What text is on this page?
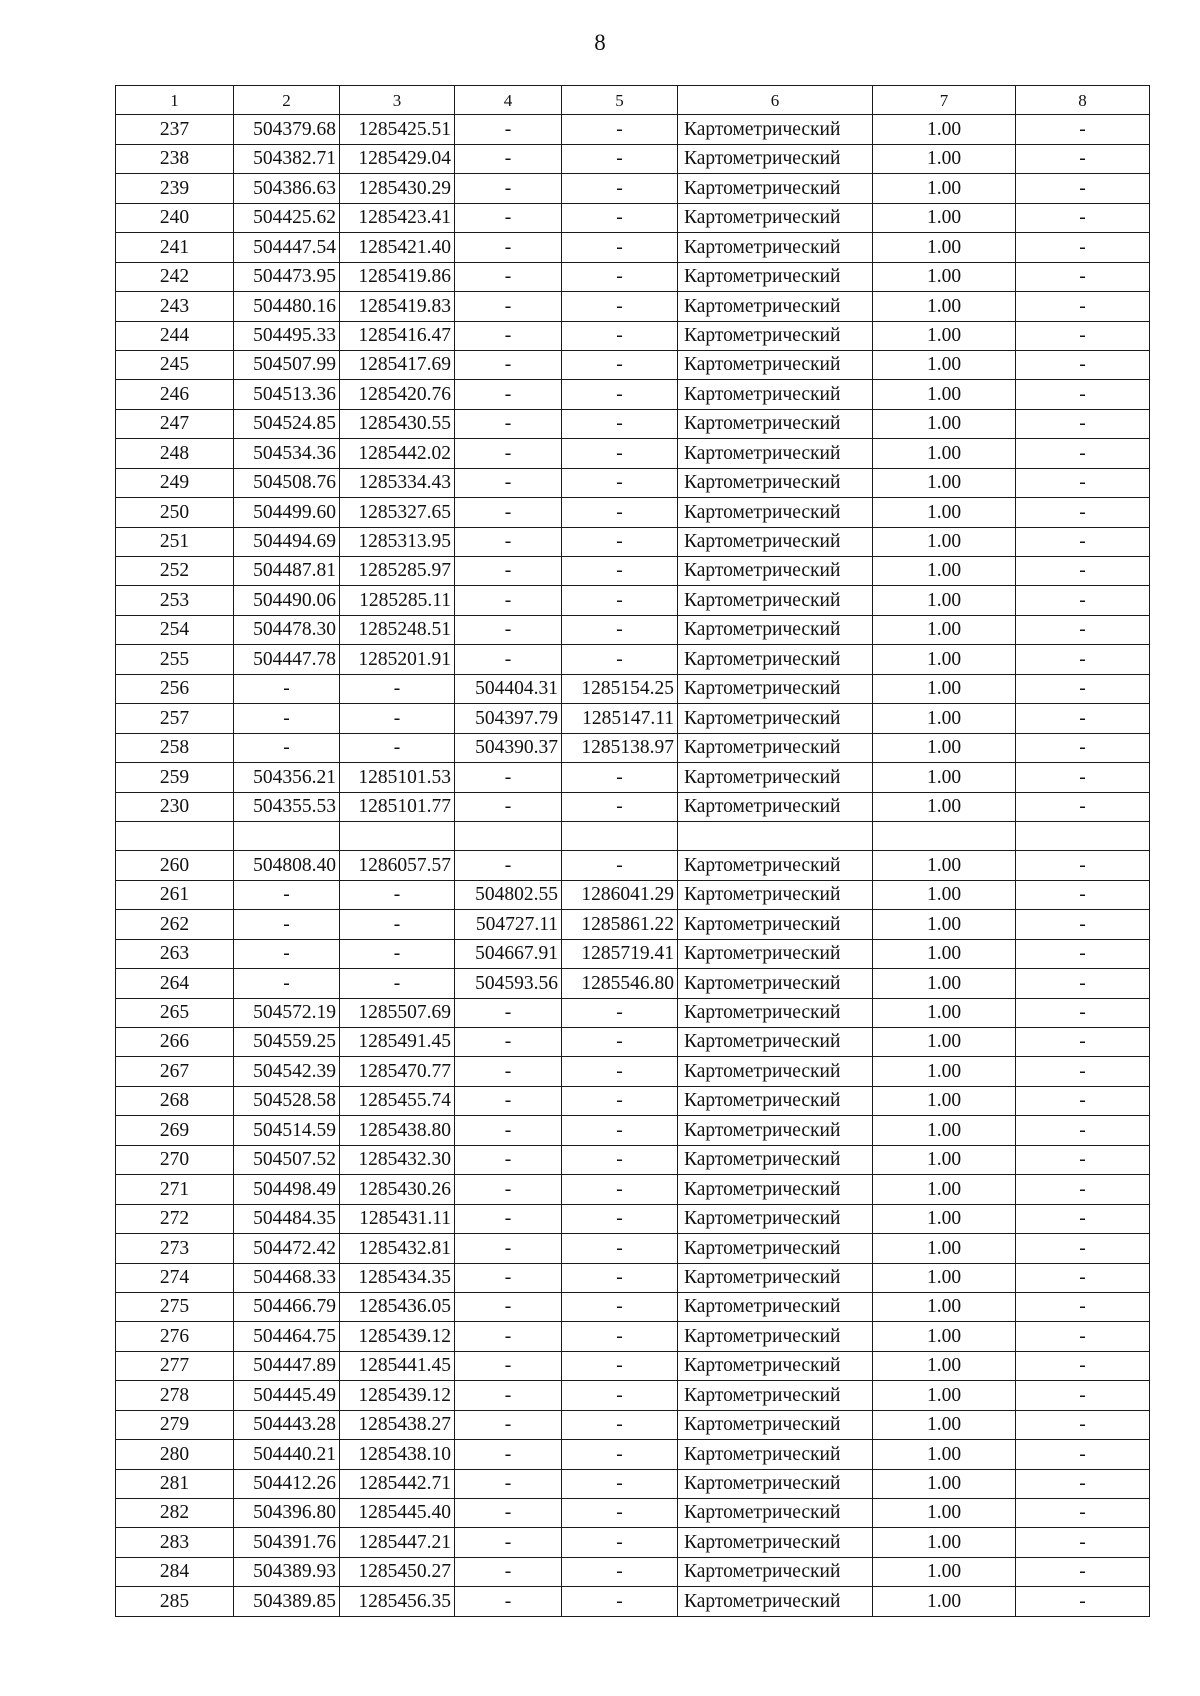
8
1	2	3	4	5	6	7	8
237	504379.68	1285425.51	-	-	Картометрический	1.00	-
238	504382.71	1285429.04	-	-	Картометрический	1.00	-
239	504386.63	1285430.29	-	-	Картометрический	1.00	-
240	504425.62	1285423.41	-	-	Картометрический	1.00	-
241	504447.54	1285421.40	-	-	Картометрический	1.00	-
242	504473.95	1285419.86	-	-	Картометрический	1.00	-
243	504480.16	1285419.83	-	-	Картометрический	1.00	-
244	504495.33	1285416.47	-	-	Картометрический	1.00	-
245	504507.99	1285417.69	-	-	Картометрический	1.00	-
246	504513.36	1285420.76	-	-	Картометрический	1.00	-
247	504524.85	1285430.55	-	-	Картометрический	1.00	-
248	504534.36	1285442.02	-	-	Картометрический	1.00	-
249	504508.76	1285334.43	-	-	Картометрический	1.00	-
250	504499.60	1285327.65	-	-	Картометрический	1.00	-
251	504494.69	1285313.95	-	-	Картометрический	1.00	-
252	504487.81	1285285.97	-	-	Картометрический	1.00	-
253	504490.06	1285285.11	-	-	Картометрический	1.00	-
254	504478.30	1285248.51	-	-	Картометрический	1.00	-
255	504447.78	1285201.91	-	-	Картометрический	1.00	-
256	-	-	504404.31	1285154.25	Картометрический	1.00	-
257	-	-	504397.79	1285147.11	Картометрический	1.00	-
258	-	-	504390.37	1285138.97	Картометрический	1.00	-
259	504356.21	1285101.53	-	-	Картометрический	1.00	-
230	504355.53	1285101.77	-	-	Картометрический	1.00	-

260	504808.40	1286057.57	-	-	Картометрический	1.00	-
261	-	-	504802.55	1286041.29	Картометрический	1.00	-
262	-	-	504727.11	1285861.22	Картометрический	1.00	-
263	-	-	504667.91	1285719.41	Картометрический	1.00	-
264	-	-	504593.56	1285546.80	Картометрический	1.00	-
265	504572.19	1285507.69	-	-	Картометрический	1.00	-
266	504559.25	1285491.45	-	-	Картометрический	1.00	-
267	504542.39	1285470.77	-	-	Картометрический	1.00	-
268	504528.58	1285455.74	-	-	Картометрический	1.00	-
269	504514.59	1285438.80	-	-	Картометрический	1.00	-
270	504507.52	1285432.30	-	-	Картометрический	1.00	-
271	504498.49	1285430.26	-	-	Картометрический	1.00	-
272	504484.35	1285431.11	-	-	Картометрический	1.00	-
273	504472.42	1285432.81	-	-	Картометрический	1.00	-
274	504468.33	1285434.35	-	-	Картометрический	1.00	-
275	504466.79	1285436.05	-	-	Картометрический	1.00	-
276	504464.75	1285439.12	-	-	Картометрический	1.00	-
277	504447.89	1285441.45	-	-	Картометрический	1.00	-
278	504445.49	1285439.12	-	-	Картометрический	1.00	-
279	504443.28	1285438.27	-	-	Картометрический	1.00	-
280	504440.21	1285438.10	-	-	Картометрический	1.00	-
281	504412.26	1285442.71	-	-	Картометрический	1.00	-
282	504396.80	1285445.40	-	-	Картометрический	1.00	-
283	504391.76	1285447.21	-	-	Картометрический	1.00	-
284	504389.93	1285450.27	-	-	Картометрический	1.00	-
285	504389.85	1285456.35	-	-	Картометрический	1.00	-
